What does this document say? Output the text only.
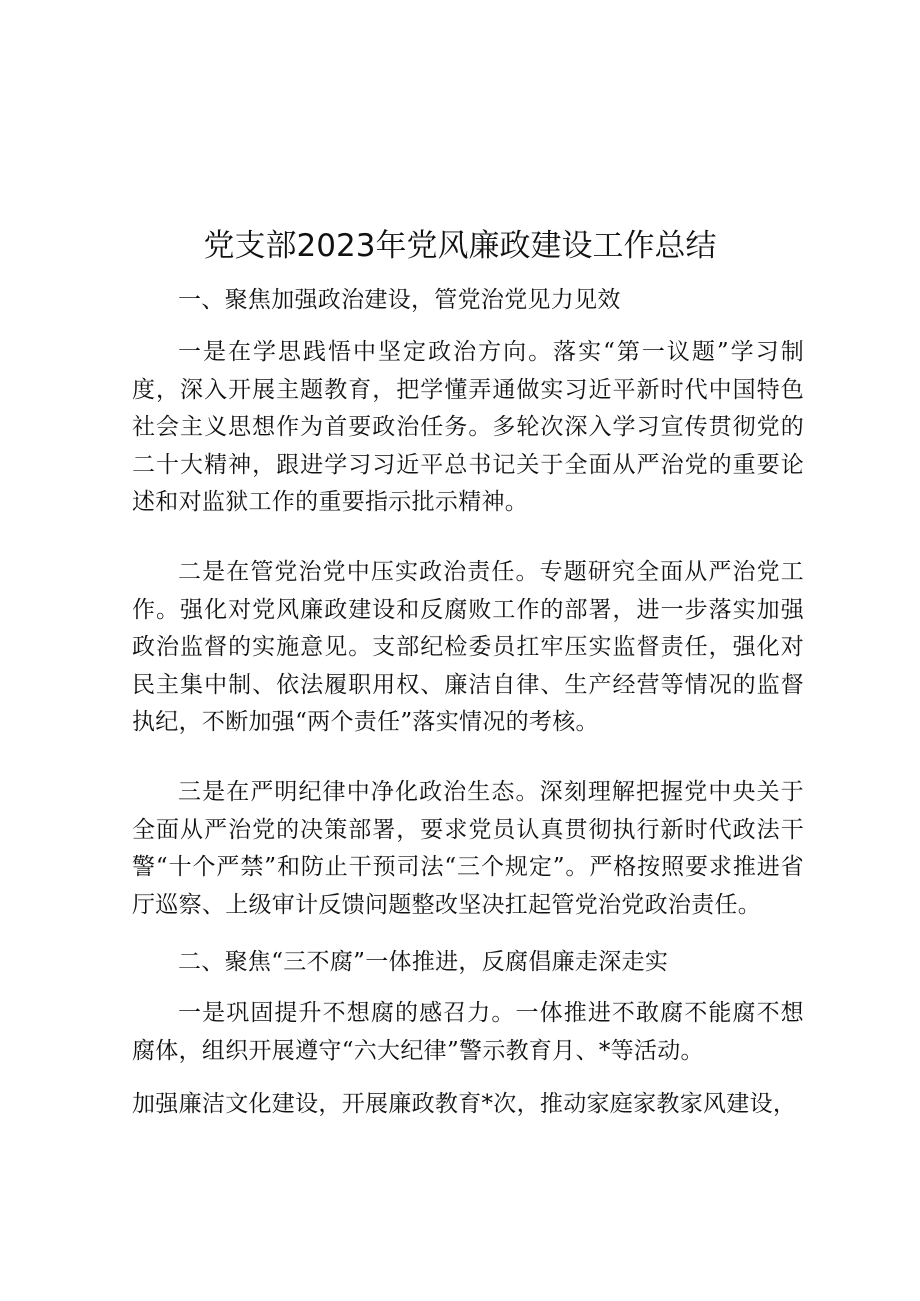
党支部2023年党风廉政建设工作总结

一、聚焦加强政治建设，管党治党见力见效

一是在学思践悟中坚定政治方向。落实“第一议题”学习制度，深入开展主题教育，把学懂弄通做实习近平新时代中国特色社会主义思想作为首要政治任务。多轮次深入学习宣传贯彻党的二十大精神，跟进学习习近平总书记关于全面从严治党的重要论述和对监狱工作的重要指示批示精神。

二是在管党治党中压实政治责任。专题研究全面从严治党工作。强化对党风廉政建设和反腐败工作的部署，进一步落实加强政治监督的实施意见。支部纪检委员扛牢压实监督责任，强化对民主集中制、依法履职用权、廉洁自律、生产经营等情况的监督执纪，不断加强“两个责任”落实情况的考核。

三是在严明纪律中净化政治生态。深刻理解把握党中央关于全面从严治党的决策部署，要求党员认真贯彻执行新时代政法干警“十个严禁”和防止干预司法“三个规定”。严格按照要求推进省厅巡察、上级审计反馈问题整改坚决扛起管党治党政治责任。

二、聚焦“三不腐”一体推进，反腐倡廉走深走实

一是巩固提升不想腐的感召力。一体推进不敢腐不能腐不想腐体，组织开展遵守“六大纪律”警示教育月、*等活动。

加强廉洁文化建设，开展廉政教育*次，推动家庭家教家风建设，
